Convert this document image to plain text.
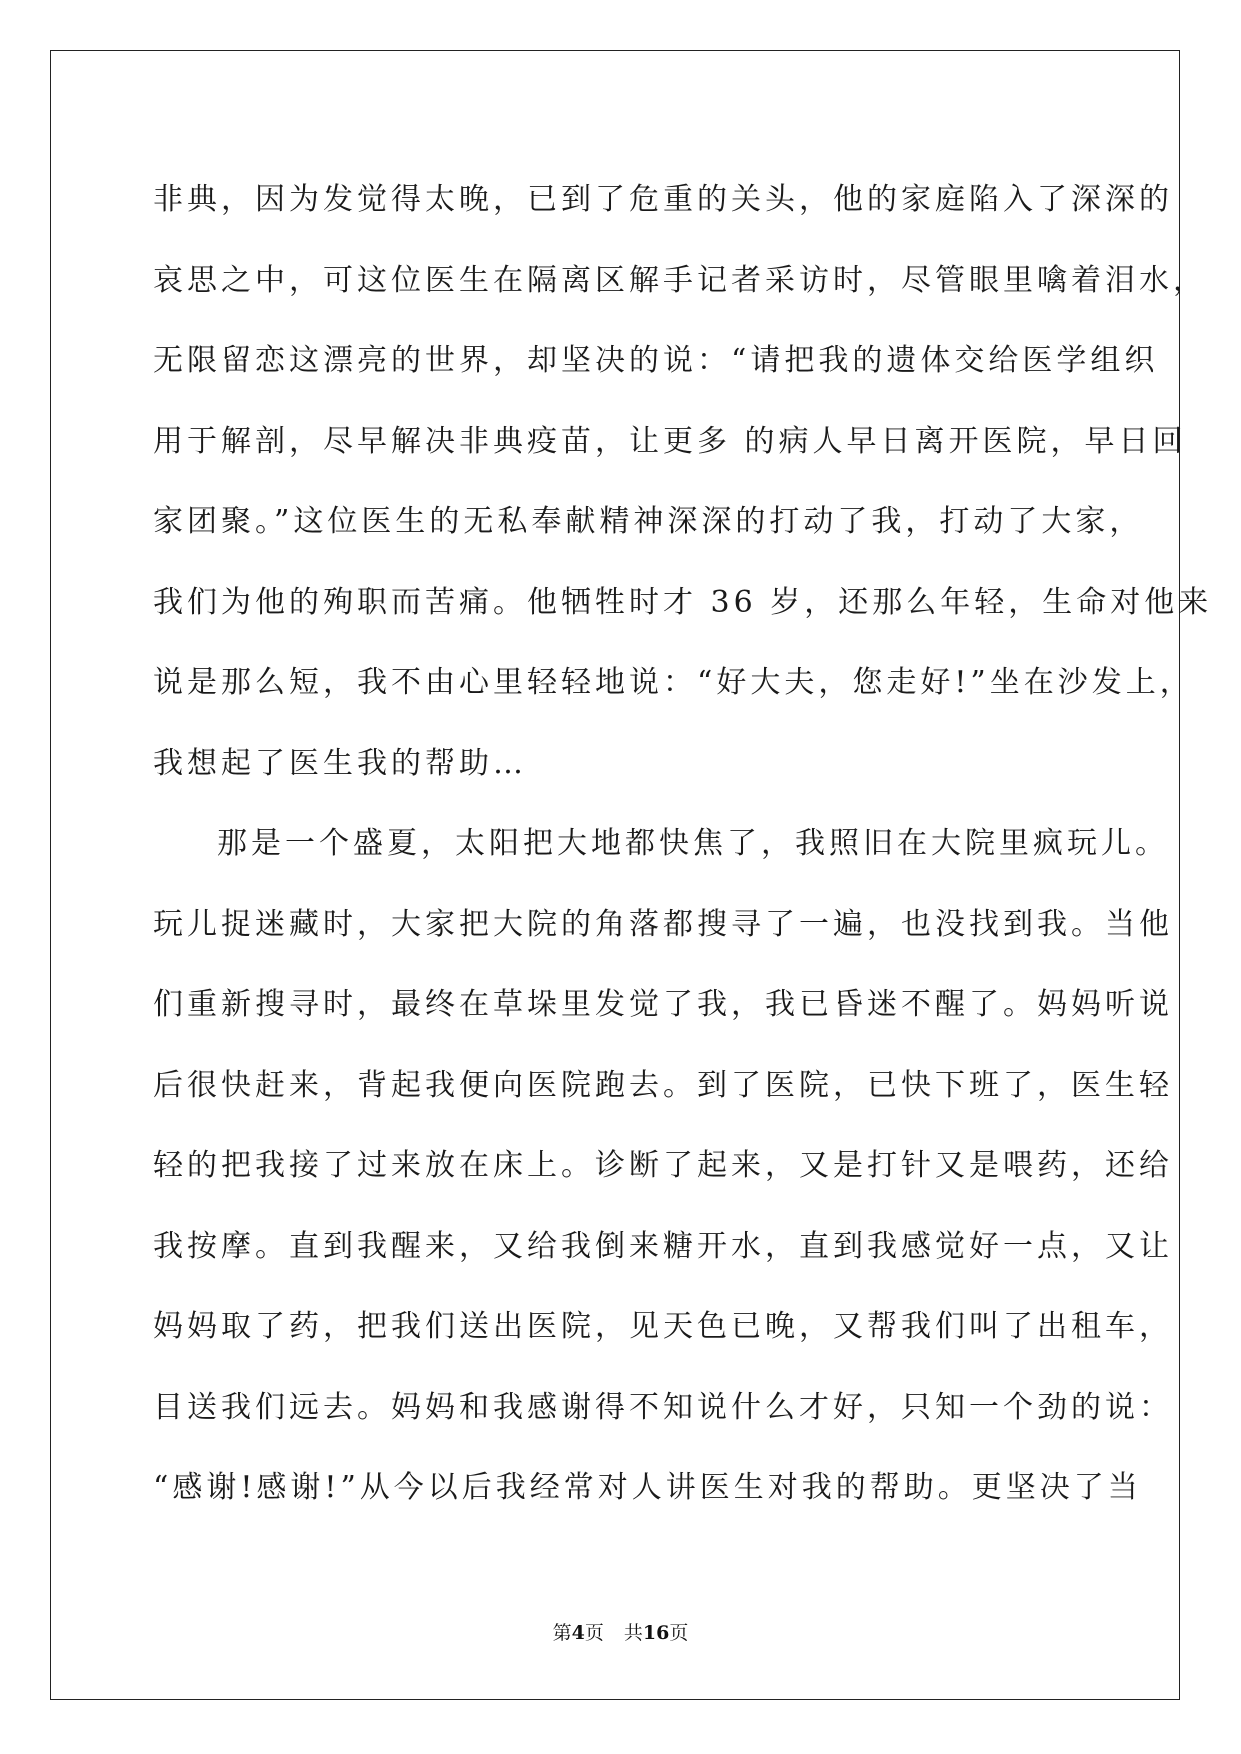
非典，因为发觉得太晚，已到了危重的关头，他的家庭陷入了深深的
哀思之中，可这位医生在隔离区解手记者采访时，尽管眼里噙着泪水，
无限留恋这漂亮的世界，却坚决的说：“请把我的遗体交给医学组织
用于解剖，尽早解决非典疫苗，让更多 的病人早日离开医院，早日回
家团聚。”这位医生的无私奉献精神深深的打动了我，打动了大家，
我们为他的殉职而苦痛。他牺牲时才 36 岁，还那么年轻，生命对他来
说是那么短，我不由心里轻轻地说：“好大夫，您走好!”坐在沙发上，
我想起了医生我的帮助…
那是一个盛夏，太阳把大地都快焦了，我照旧在大院里疯玩儿。
玩儿捉迷藏时，大家把大院的角落都搜寻了一遍，也没找到我。当他
们重新搜寻时，最终在草垛里发觉了我，我已昏迷不醒了。妈妈听说
后很快赶来，背起我便向医院跑去。到了医院，已快下班了，医生轻
轻的把我接了过来放在床上。诊断了起来，又是打针又是喂药，还给
我按摩。直到我醒来，又给我倒来糖开水，直到我感觉好一点，又让
妈妈取了药，把我们送出医院，见天色已晚，又帮我们叫了出租车，
目送我们远去。妈妈和我感谢得不知说什么才好，只知一个劲的说：
“感谢!感谢!”从今以后我经常对人讲医生对我的帮助。更坚决了当
第4页 共16页
